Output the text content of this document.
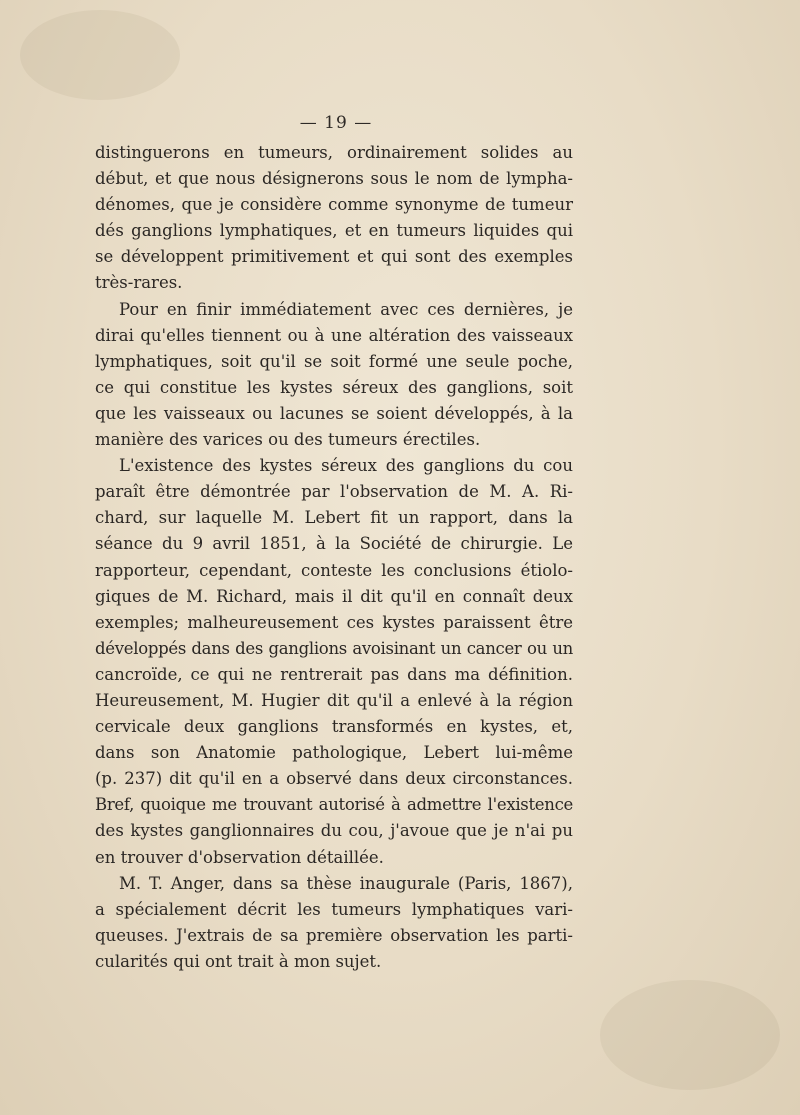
— 19 —
distinguerons en tumeurs, ordinairement solides au
début, et que nous désignerons sous le nom de lympha-
dénomes, que je considère comme synonyme de tumeur
dés ganglions lymphatiques, et en tumeurs liquides qui
se développent primitivement et qui sont des exemples
très-rares.
Pour en finir immédiatement avec ces dernières, je
dirai qu'elles tiennent ou à une altération des vaisseaux
lymphatiques, soit qu'il se soit formé une seule poche,
ce qui constitue les kystes séreux des ganglions, soit
que les vaisseaux ou lacunes se soient développés, à la
manière des varices ou des tumeurs érectiles.
L'existence des kystes séreux des ganglions du cou
paraît être démontrée par l'observation de M. A. Ri-
chard, sur laquelle M. Lebert fit un rapport, dans la
séance du 9 avril 1851, à la Société de chirurgie. Le
rapporteur, cependant, conteste les conclusions étiolo-
giques de M. Richard, mais il dit qu'il en connaît deux
exemples; malheureusement ces kystes paraissent être
développés dans des ganglions avoisinant un cancer ou un
cancroïde, ce qui ne rentrerait pas dans ma définition.
Heureusement, M. Hugier dit qu'il a enlevé à la région
cervicale deux ganglions transformés en kystes, et,
dans son Anatomie pathologique, Lebert lui-même
(p. 237) dit qu'il en a observé dans deux circonstances.
Bref, quoique me trouvant autorisé à admettre l'existence
des kystes ganglionnaires du cou, j'avoue que je n'ai pu
en trouver d'observation détaillée.
M. T. Anger, dans sa thèse inaugurale (Paris, 1867),
a spécialement décrit les tumeurs lymphatiques vari-
queuses. J'extrais de sa première observation les parti-
cularités qui ont trait à mon sujet.
